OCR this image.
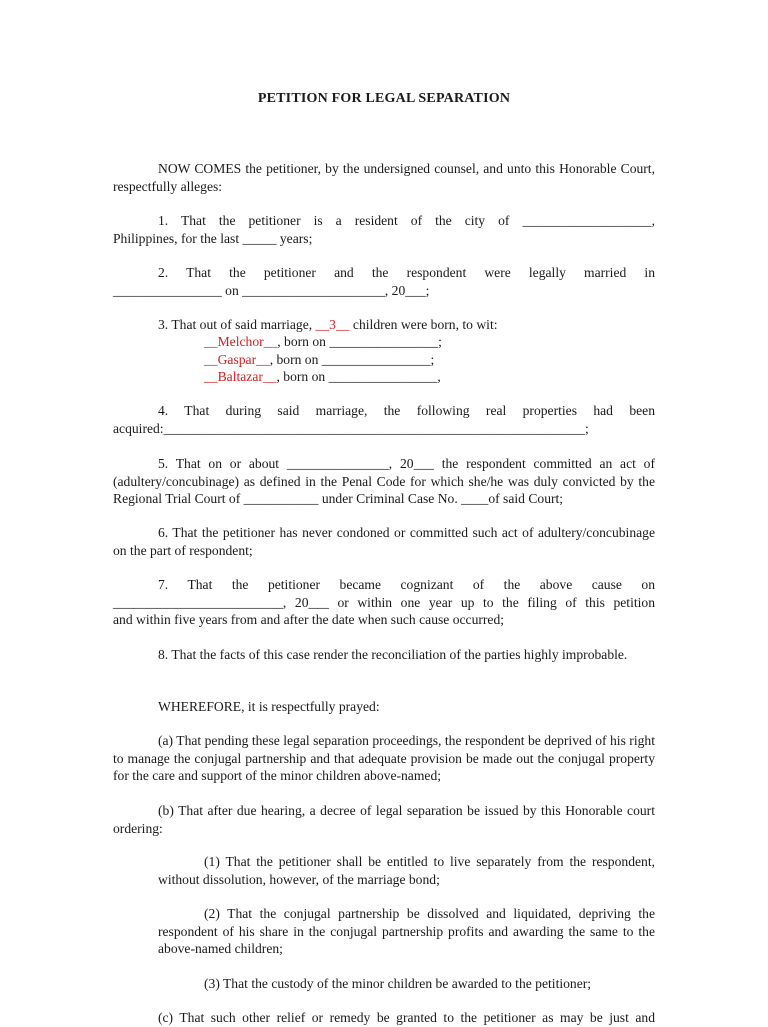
PETITION FOR LEGAL SEPARATION
NOW COMES the petitioner, by the undersigned counsel, and unto this Honorable Court, respectfully alleges:
1. That the petitioner is a resident of the city of ___________________,
Philippines, for the last _____ years;
2. That the petitioner and the respondent were legally married in
________________ on _____________________, 20___;
3. That out of said marriage, __3__ children were born, to wit:
__Melchor__, born on ________________;
__Gaspar__, born on ________________;
__Baltazar__, born on ________________,
4. That during said marriage, the following real properties had been
acquired:______________________________________________________________;
5. That on or about _______________, 20___ the respondent committed an act of (adultery/concubinage) as defined in the Penal Code for which she/he was duly convicted by the Regional Trial Court of ___________ under Criminal Case No. ____of said Court;
6. That the petitioner has never condoned or committed such act of adultery/concubinage on the part of respondent;
7. That the petitioner became cognizant of the above cause on
_________________________, 20___ or within one year up to the filing of this petition
and within five years from and after the date when such cause occurred;
8. That the facts of this case render the reconciliation of the parties highly improbable.
WHEREFORE, it is respectfully prayed:
(a) That pending these legal separation proceedings, the respondent be deprived of his right to manage the conjugal partnership and that adequate provision be made out the conjugal property for the care and support of the minor children above-named;
(b) That after due hearing, a decree of legal separation be issued by this Honorable court ordering:
(1) That the petitioner shall be entitled to live separately from the respondent, without dissolution, however, of the marriage bond;
(2) That the conjugal partnership be dissolved and liquidated, depriving the respondent of his share in the conjugal partnership profits and awarding the same to the above-named children;
(3) That the custody of the minor children be awarded to the petitioner;
(c) That such other relief or remedy be granted to the petitioner as may be just and
